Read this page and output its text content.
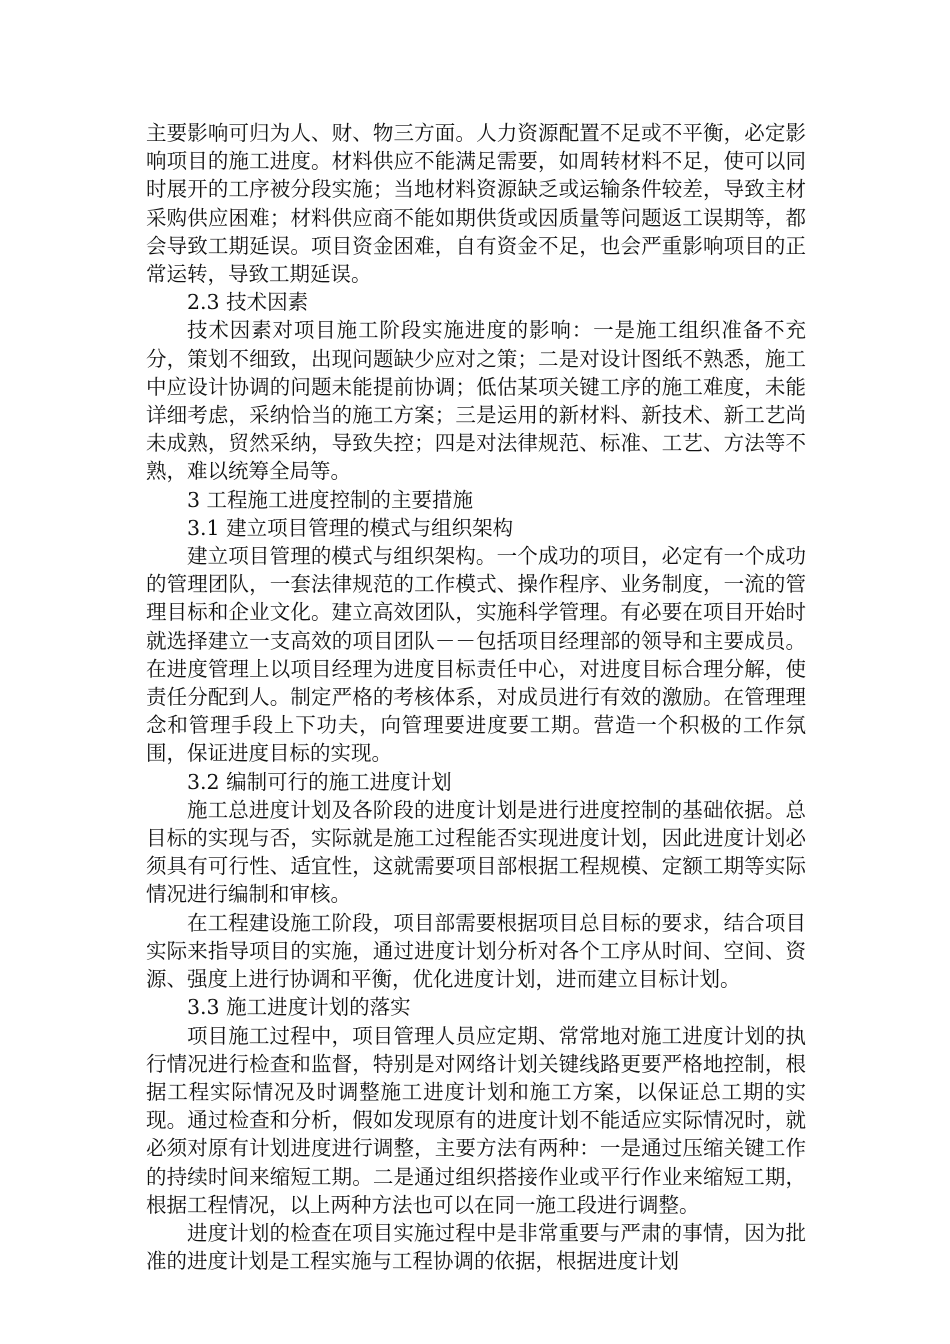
主要影响可归为人、财、物三方面。人力资源配置不足或不平衡，必定影响项目的施工进度。材料供应不能满足需要，如周转材料不足，使可以同时展开的工序被分段实施；当地材料资源缺乏或运输条件较差，导致主材采购供应困难；材料供应商不能如期供货或因质量等问题返工误期等，都会导致工期延误。项目资金困难，自有资金不足，也会严重影响项目的正常运转，导致工期延误。

2.3 技术因素

技术因素对项目施工阶段实施进度的影响：一是施工组织准备不充分，策划不细致，出现问题缺少应对之策；二是对设计图纸不熟悉，施工中应设计协调的问题未能提前协调；低估某项关键工序的施工难度，未能详细考虑，采纳恰当的施工方案；三是运用的新材料、新技术、新工艺尚未成熟，贸然采纳，导致失控；四是对法律规范、标准、工艺、方法等不熟，难以统筹全局等。

3 工程施工进度控制的主要措施

3.1 建立项目管理的模式与组织架构

建立项目管理的模式与组织架构。一个成功的项目，必定有一个成功的管理团队，一套法律规范的工作模式、操作程序、业务制度，一流的管理目标和企业文化。建立高效团队，实施科学管理。有必要在项目开始时就选择建立一支高效的项目团队－－包括项目经理部的领导和主要成员。在进度管理上以项目经理为进度目标责任中心，对进度目标合理分解，使责任分配到人。制定严格的考核体系，对成员进行有效的激励。在管理理念和管理手段上下功夫，向管理要进度要工期。营造一个积极的工作氛围，保证进度目标的实现。

3.2 编制可行的施工进度计划

施工总进度计划及各阶段的进度计划是进行进度控制的基础依据。总目标的实现与否，实际就是施工过程能否实现进度计划，因此进度计划必须具有可行性、适宜性，这就需要项目部根据工程规模、定额工期等实际情况进行编制和审核。

在工程建设施工阶段，项目部需要根据项目总目标的要求，结合项目实际来指导项目的实施，通过进度计划分析对各个工序从时间、空间、资源、强度上进行协调和平衡，优化进度计划，进而建立目标计划。

3.3 施工进度计划的落实

项目施工过程中，项目管理人员应定期、常常地对施工进度计划的执行情况进行检查和监督，特别是对网络计划关键线路更要严格地控制，根据工程实际情况及时调整施工进度计划和施工方案，以保证总工期的实现。通过检查和分析，假如发现原有的进度计划不能适应实际情况时，就必须对原有计划进度进行调整，主要方法有两种：一是通过压缩关键工作的持续时间来缩短工期。二是通过组织搭接作业或平行作业来缩短工期，根据工程情况，以上两种方法也可以在同一施工段进行调整。

进度计划的检查在项目实施过程中是非常重要与严肃的事情，因为批准的进度计划是工程实施与工程协调的依据，根据进度计划
